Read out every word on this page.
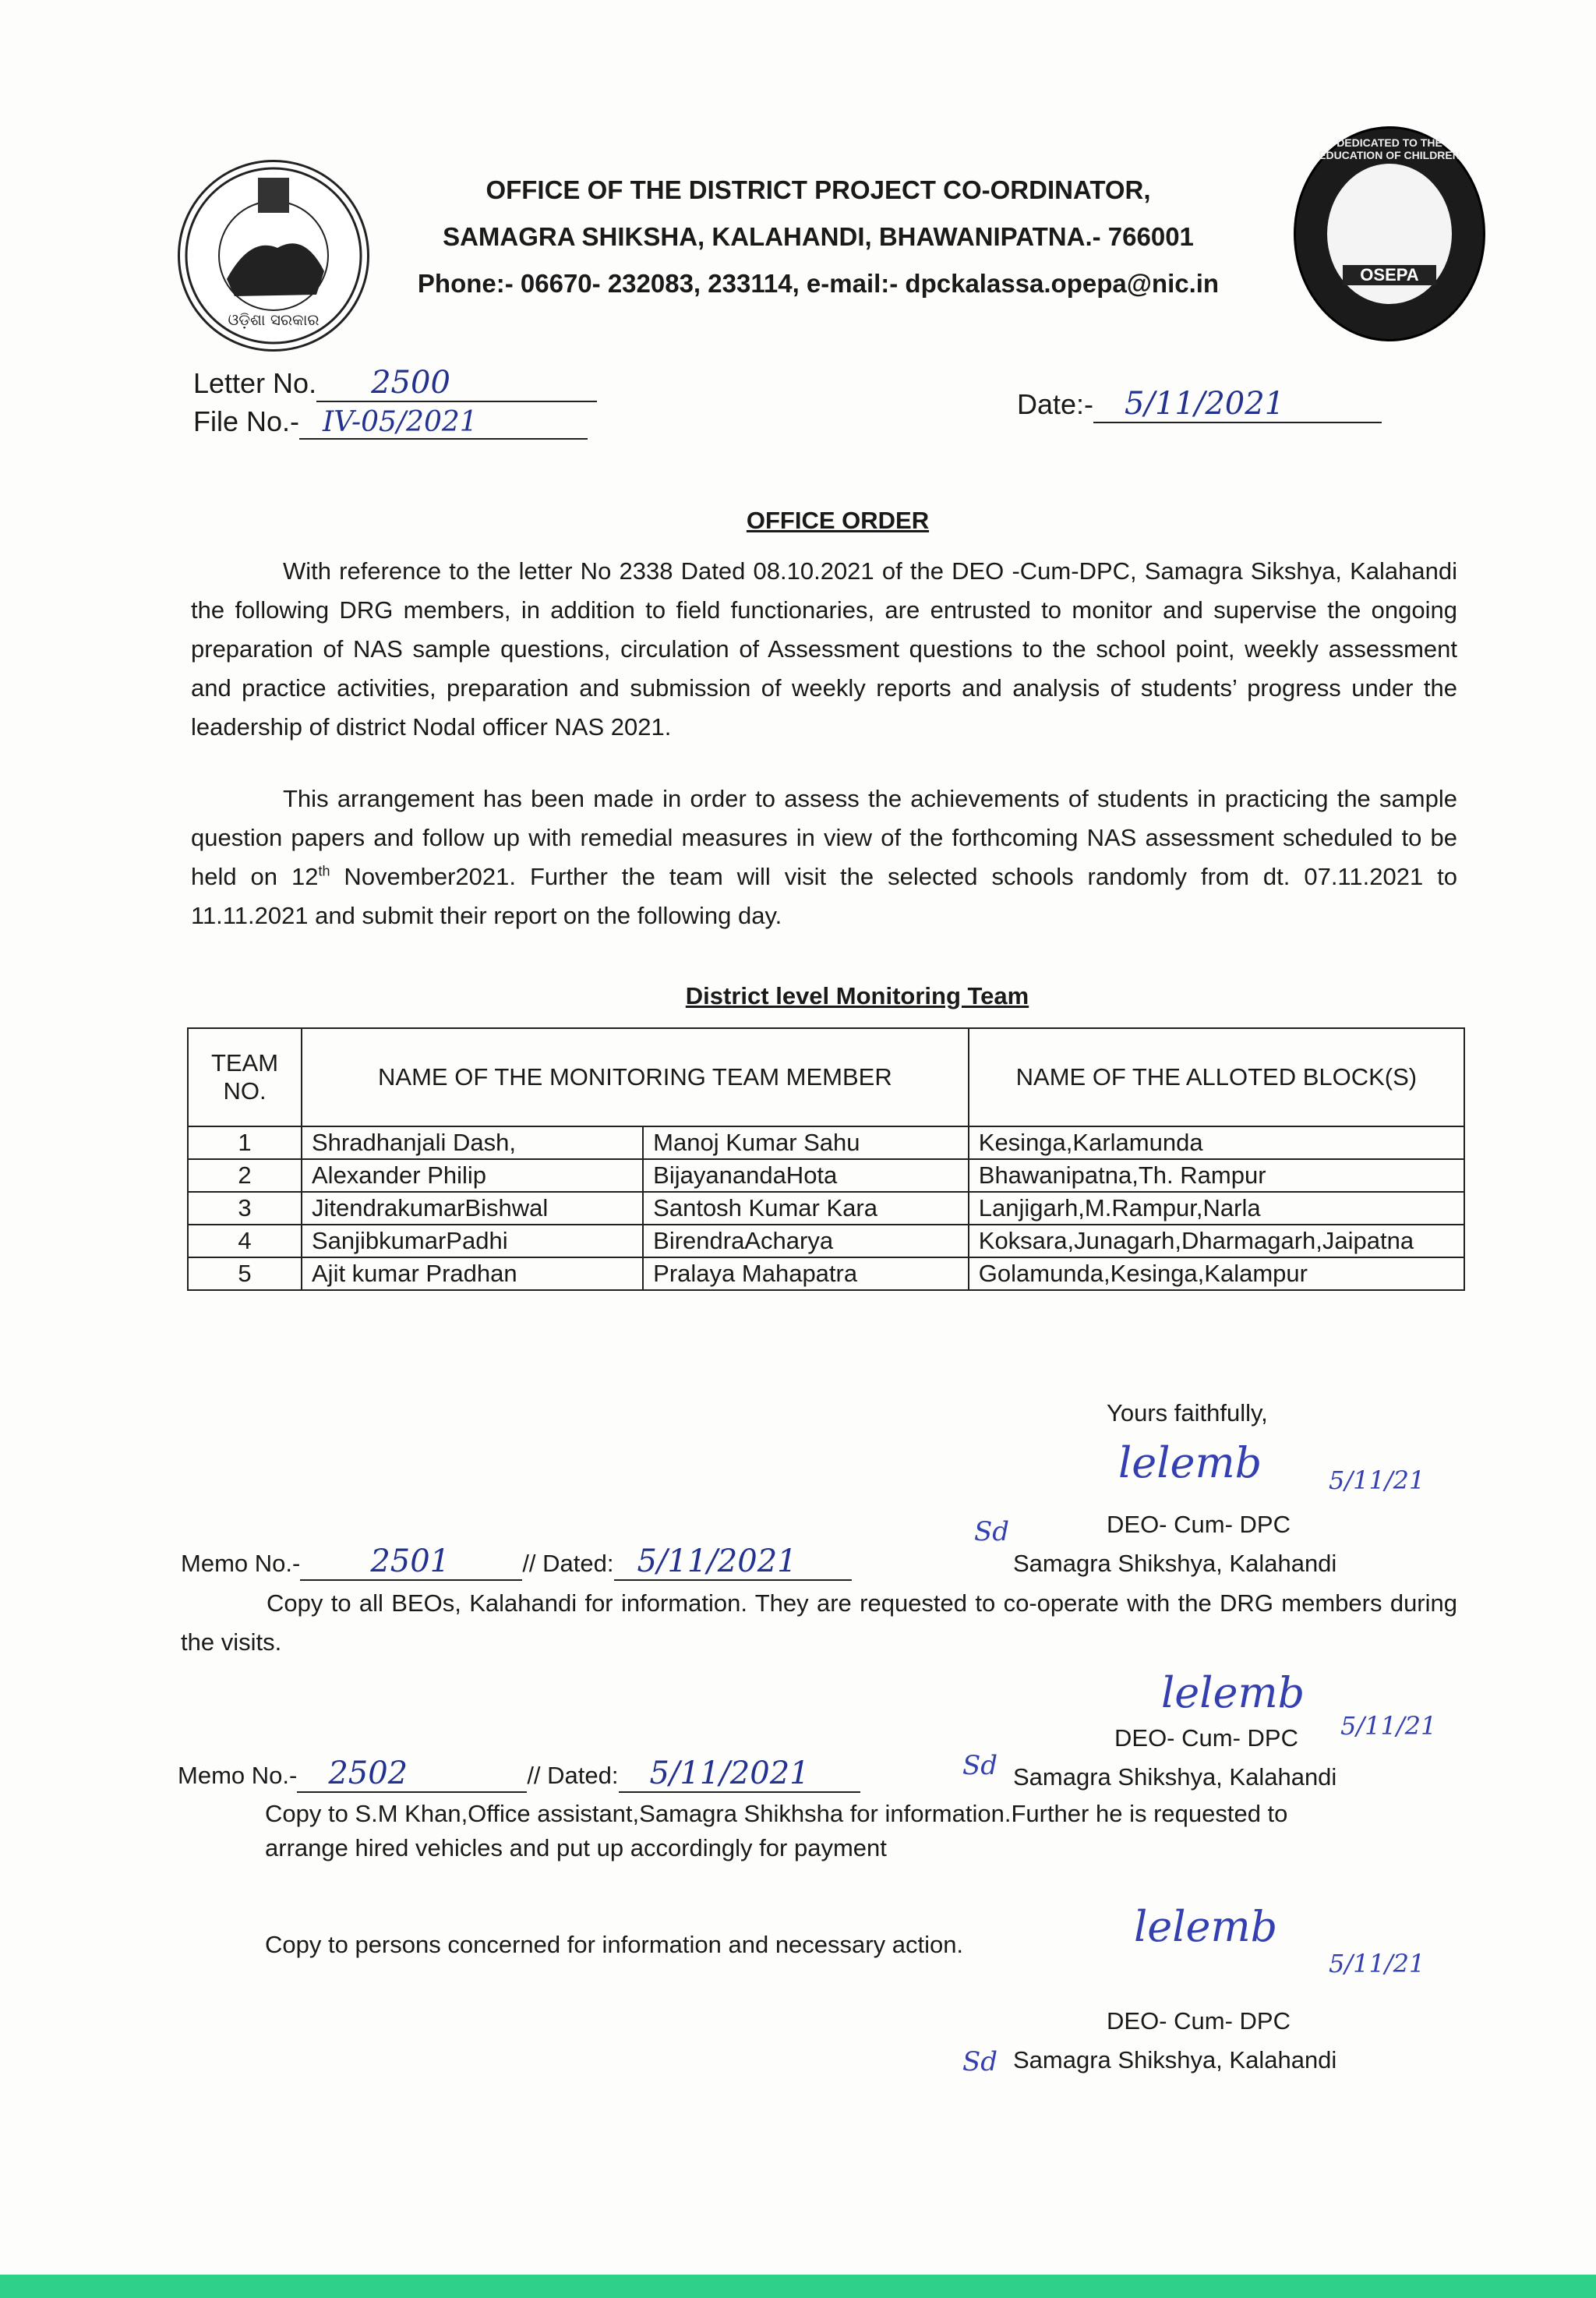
ଓଡ଼ିଶା ସରକାର
OFFICE OF THE DISTRICT PROJECT CO-ORDINATOR,
SAMAGRA SHIKSHA, KALAHANDI, BHAWANIPATNA.- 766001
Phone:- 06670- 232083, 233114, e-mail:- dpckalassa.opepa@nic.in
DEDICATED TO THE EDUCATION OF CHILDREN
OSEPA
Letter No. 2500
File No.- IV-05/2021
Date:- 5/11/2021
OFFICE ORDER
With reference to the letter No 2338 Dated 08.10.2021 of the DEO -Cum-DPC, Samagra Sikshya, Kalahandi the following DRG members, in addition to field functionaries, are entrusted to monitor and supervise the ongoing preparation of NAS sample questions, circulation of Assessment questions to the school point, weekly assessment and practice activities, preparation and submission of weekly reports and analysis of students’ progress under the leadership of district Nodal officer NAS 2021.
This arrangement has been made in order to assess the achievements of students in practicing the sample question papers and follow up with remedial measures in view of the forthcoming NAS assessment scheduled to be held on 12th November2021. Further the team will visit the selected schools randomly from dt. 07.11.2021 to 11.11.2021 and submit their report on the following day.
District level Monitoring Team
TEAM NO.	NAME OF THE MONITORING TEAM MEMBER		NAME OF THE ALLOTED BLOCK(S)
1	Shradhanjali Dash,	Manoj Kumar Sahu	Kesinga,Karlamunda
2	Alexander Philip	BijayanandaHota	Bhawanipatna,Th. Rampur
3	JitendrakumarBishwal	Santosh Kumar Kara	Lanjigarh,M.Rampur,Narla
4	SanjibkumarPadhi	BirendraAcharya	Koksara,Junagarh,Dharmagarh,Jaipatna
5	Ajit kumar Pradhan	Pralaya Mahapatra	Golamunda,Kesinga,Kalampur
Yours faithfully,
lelemb	5/11/21
Sd	DEO- Cum- DPC
Samagra Shikshya, Kalahandi
Memo No.- 2501	// Dated: 5/11/2021
Copy to all BEOs, Kalahandi for information. They are requested to co-operate with the DRG members during the visits.
lelemb
5/11/21
DEO- Cum- DPC
Sd Samagra Shikshya, Kalahandi
Memo No.- 2502	// Dated: 5/11/2021
Copy to S.M Khan,Office assistant,Samagra Shikhsha for information.Further he is requested to arrange hired vehicles and put up accordingly for payment
Copy to persons concerned for information and necessary action.	lelemb
5/11/21
DEO- Cum- DPC
Sd Samagra Shikshya, Kalahandi
